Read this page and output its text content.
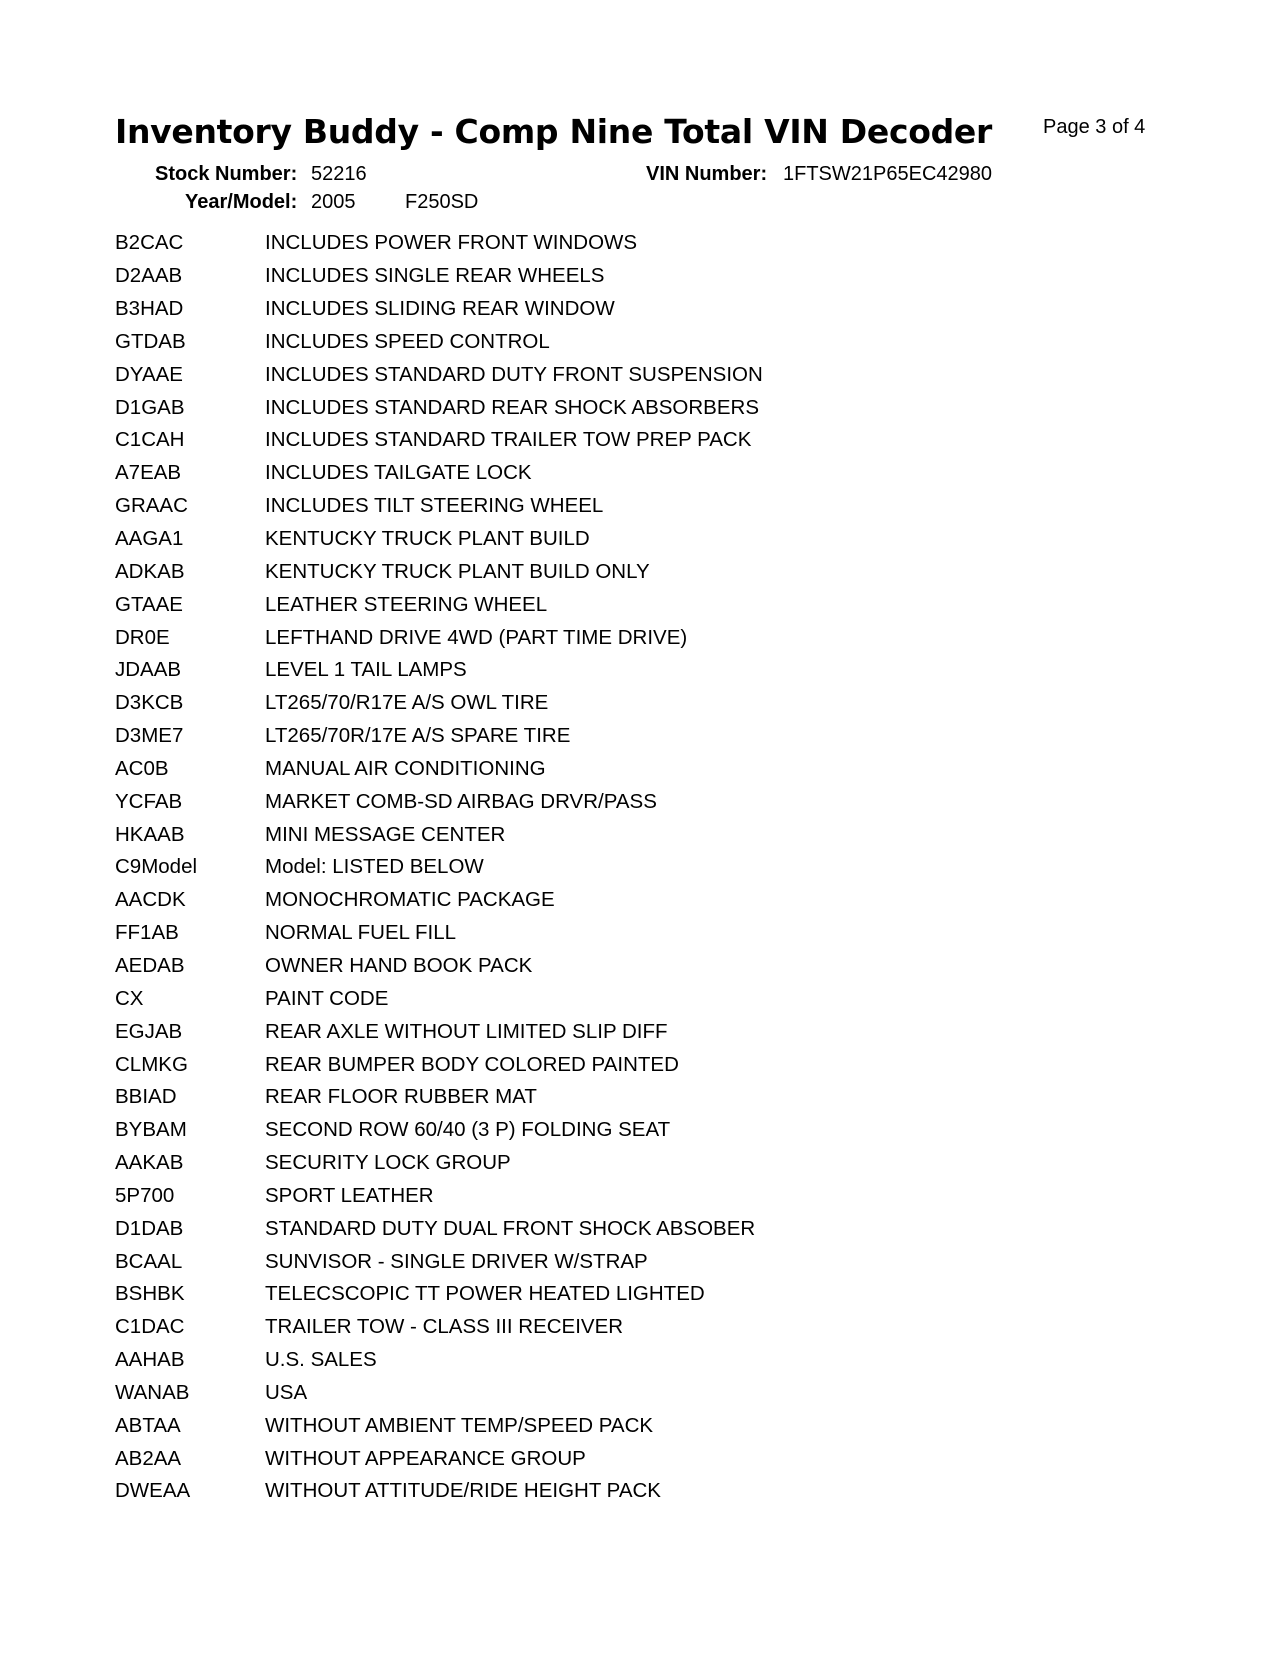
Inventory Buddy - Comp Nine Total VIN Decoder	Page 3 of 4
Stock Number: 52216	VIN Number: 1FTSW21P65EC42980
Year/Model: 2005 F250SD
B2CAC	INCLUDES POWER FRONT WINDOWS
D2AAB	INCLUDES SINGLE REAR WHEELS
B3HAD	INCLUDES SLIDING REAR WINDOW
GTDAB	INCLUDES SPEED CONTROL
DYAAE	INCLUDES STANDARD DUTY FRONT SUSPENSION
D1GAB	INCLUDES STANDARD REAR SHOCK ABSORBERS
C1CAH	INCLUDES STANDARD TRAILER TOW PREP PACK
A7EAB	INCLUDES TAILGATE LOCK
GRAAC	INCLUDES TILT STEERING WHEEL
AAGA1	KENTUCKY TRUCK PLANT BUILD
ADKAB	KENTUCKY TRUCK PLANT BUILD ONLY
GTAAE	LEATHER STEERING WHEEL
DR0E	LEFTHAND DRIVE 4WD (PART TIME DRIVE)
JDAAB	LEVEL 1 TAIL LAMPS
D3KCB	LT265/70/R17E A/S OWL TIRE
D3ME7	LT265/70R/17E A/S SPARE TIRE
AC0B	MANUAL AIR CONDITIONING
YCFAB	MARKET COMB-SD AIRBAG DRVR/PASS
HKAAB	MINI MESSAGE CENTER
C9Model	Model: LISTED BELOW
AACDK	MONOCHROMATIC PACKAGE
FF1AB	NORMAL FUEL FILL
AEDAB	OWNER HAND BOOK PACK
CX	PAINT CODE
EGJAB	REAR AXLE WITHOUT LIMITED SLIP DIFF
CLMKG	REAR BUMPER BODY COLORED PAINTED
BBIAD	REAR FLOOR RUBBER MAT
BYBAM	SECOND ROW 60/40 (3 P) FOLDING SEAT
AAKAB	SECURITY LOCK GROUP
5P700	SPORT LEATHER
D1DAB	STANDARD DUTY DUAL FRONT SHOCK ABSOBER
BCAAL	SUNVISOR - SINGLE DRIVER W/STRAP
BSHBK	TELECSCOPIC TT POWER HEATED LIGHTED
C1DAC	TRAILER TOW - CLASS III RECEIVER
AAHAB	U.S. SALES
WANAB	USA
ABTAA	WITHOUT AMBIENT TEMP/SPEED PACK
AB2AA	WITHOUT APPEARANCE GROUP
DWEAA	WITHOUT ATTITUDE/RIDE HEIGHT PACK
